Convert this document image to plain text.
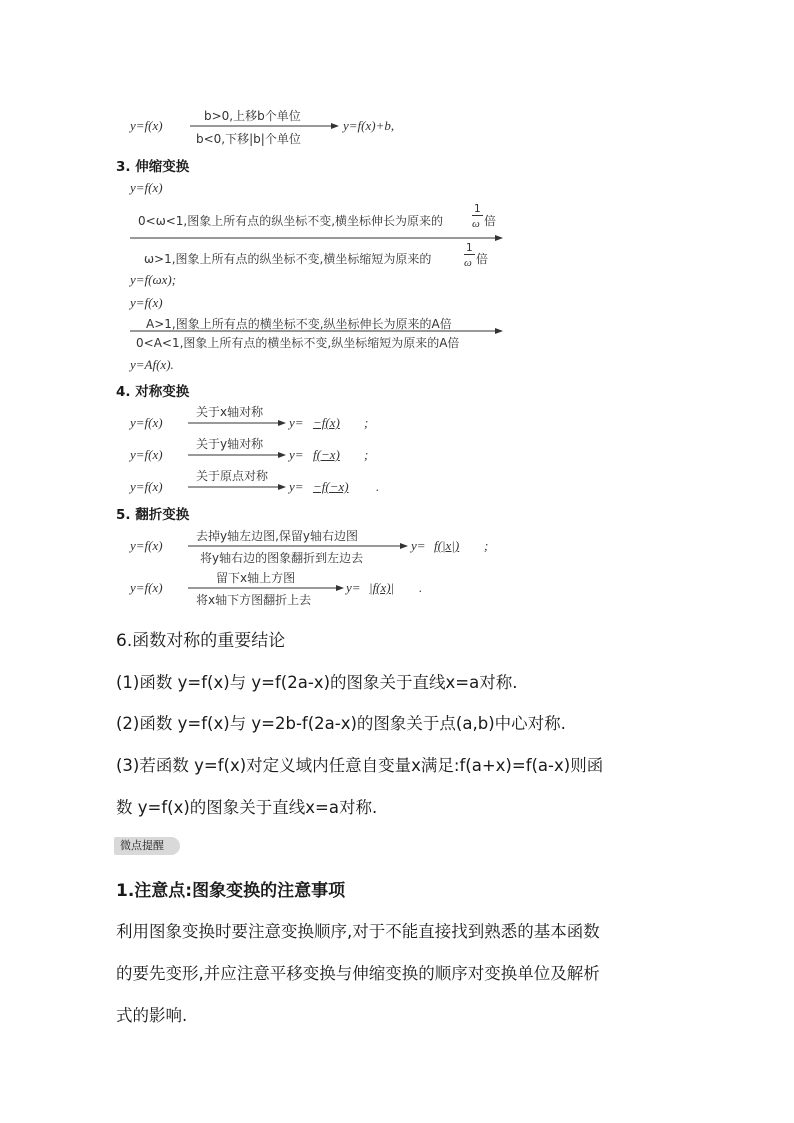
y=f(x)
b>0,上移b个单位
b<0,下移|b|个单位
y=f(x)+b,
3. 伸缩变换
y=f(x)
0<ω<1,图象上所有点的纵坐标不变,横坐标伸长为原来的
1
ω 倍
ω>1,图象上所有点的纵坐标不变,横坐标缩短为原来的
1
ω 倍
y=f(ωx);
y=f(x)
A>1,图象上所有点的横坐标不变,纵坐标伸长为原来的A倍
0<A<1,图象上所有点的横坐标不变,纵坐标缩短为原来的A倍
y=Af(x).
4. 对称变换
y=f(x)
关于x轴对称
y= −f(x) ;
y=f(x)
关于y轴对称
y= f(−x) ;
y=f(x)
关于原点对称
y= −f(−x) .
5. 翻折变换
y=f(x)
去掉y轴左边图,保留y轴右边图
将y轴右边的图象翻折到左边去
y= f(|x|) ;
y=f(x)
留下x轴上方图
将x轴下方图翻折上去
y= |f(x)| .
6.函数对称的重要结论
(1)函数 y=f(x)与 y=f(2a-x)的图象关于直线x=a对称.
(2)函数 y=f(x)与 y=2b-f(2a-x)的图象关于点(a,b)中心对称.
(3)若函数 y=f(x)对定义域内任意自变量x满足:f(a+x)=f(a-x)则函
数 y=f(x)的图象关于直线x=a对称.
微点提醒
1.注意点:图象变换的注意事项
利用图象变换时要注意变换顺序,对于不能直接找到熟悉的基本函数
的要先变形,并应注意平移变换与伸缩变换的顺序对变换单位及解析
式的影响.
